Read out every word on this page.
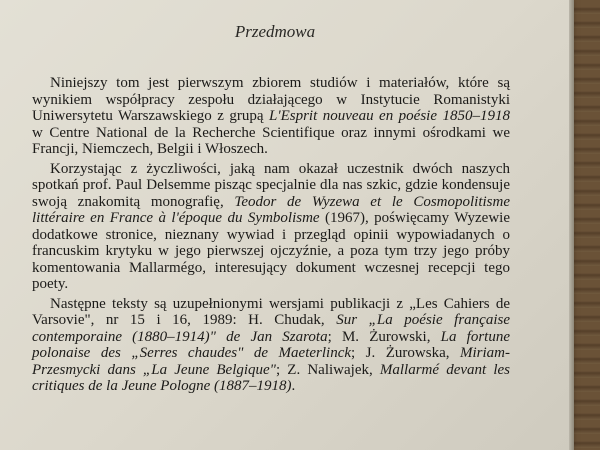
Przedmowa

Niniejszy tom jest pierwszym zbiorem studiów i materiałów, które są wynikiem współpracy zespołu działającego w Instytucie Romanistyki Uniwersytetu Warszawskiego z grupą L'Esprit nouveau en poésie 1850–1918 w Centre National de la Recherche Scientifique oraz innymi ośrodkami we Francji, Niemczech, Belgii i Włoszech.

Korzystając z życzliwości, jaką nam okazał uczestnik dwóch naszych spotkań prof. Paul Delsemme pisząc specjalnie dla nas szkic, gdzie kondensuje swoją znakomitą monografię, Teodor de Wyzewa et le Cosmopolitisme littéraire en France à l'époque du Symbolisme (1967), poświęcamy Wyzewie dodatkowe stronice, nieznany wywiad i przegląd opinii wypowiadanych o francuskim krytyku w jego pierwszej ojczyźnie, a poza tym trzy jego próby komentowania Mallarmégo, interesujący dokument wczesnej recepcji tego poety.

Następne teksty są uzupełnionymi wersjami publikacji z „Les Cahiers de Varsovie", nr 15 i 16, 1989: H. Chudak, Sur „La poésie française contemporaine (1880–1914)" de Jan Szarota; M. Żurowski, La fortune polonaise des „Serres chaudes" de Maeterlinck; J. Żurowska, Miriam-Przesmycki dans „La Jeune Belgique"; Z. Naliwajek, Mallarmé devant les critiques de la Jeune Pologne (1887–1918).
